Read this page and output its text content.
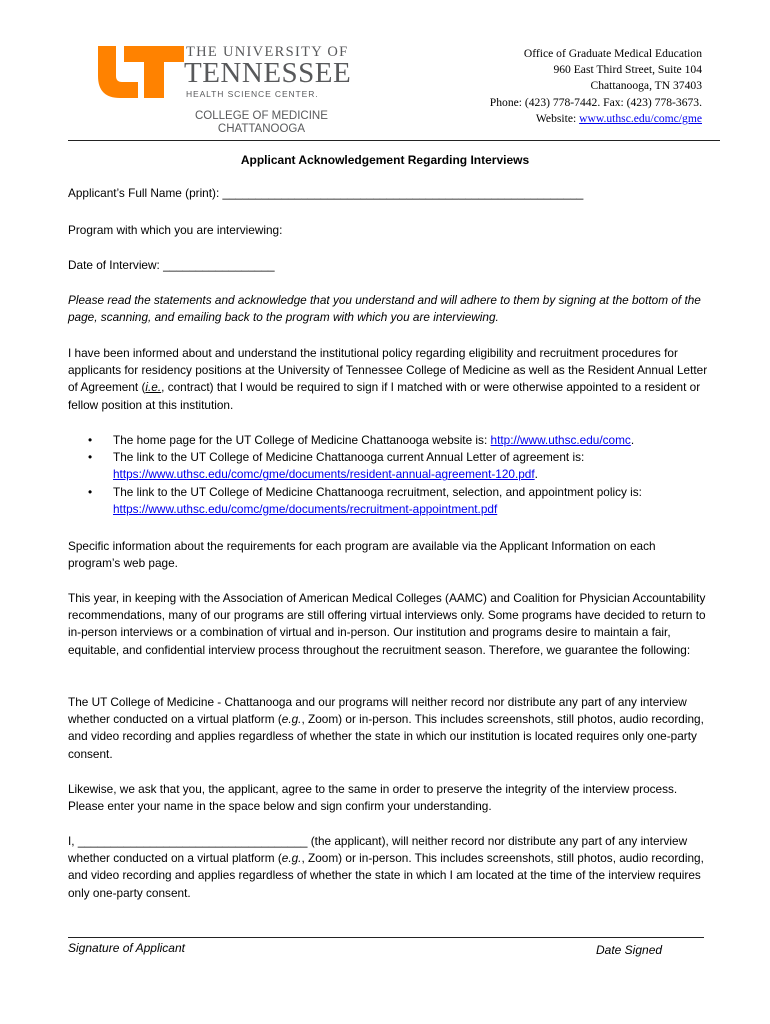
THE UNIVERSITY OF
TENNESSEE
HEALTH SCIENCE CENTER.
COLLEGE OF MEDICINE
CHATTANOOGA
Office of Graduate Medical Education
960 East Third Street, Suite 104
Chattanooga, TN 37403
Phone: (423) 778-7442. Fax: (423) 778-3673.
Website: www.uthsc.edu/comc/gme
Applicant Acknowledgement Regarding Interviews

Applicant’s Full Name (print): _______________________________________________________

Program with which you are interviewing:

Date of Interview: _________________

Please read the statements and acknowledge that you understand and will adhere to them by signing at the bottom of the page, scanning, and emailing back to the program with which you are interviewing.

I have been informed about and understand the institutional policy regarding eligibility and recruitment procedures for applicants for residency positions at the University of Tennessee College of Medicine as well as the Resident Annual Letter of Agreement (i.e., contract) that I would be required to sign if I matched with or were otherwise appointed to a resident or fellow position at this institution.

• The home page for the UT College of Medicine Chattanooga website is: http://www.uthsc.edu/comc.
• The link to the UT College of Medicine Chattanooga current Annual Letter of agreement is: https://www.uthsc.edu/comc/gme/documents/resident-annual-agreement-120.pdf.
• The link to the UT College of Medicine Chattanooga recruitment, selection, and appointment policy is: https://www.uthsc.edu/comc/gme/documents/recruitment-appointment.pdf

Specific information about the requirements for each program are available via the Applicant Information on each program’s web page.

This year, in keeping with the Association of American Medical Colleges (AAMC) and Coalition for Physician Accountability recommendations, many of our programs are still offering virtual interviews only. Some programs have decided to return to in-person interviews or a combination of virtual and in-person. Our institution and programs desire to maintain a fair, equitable, and confidential interview process throughout the recruitment season. Therefore, we guarantee the following:

The UT College of Medicine - Chattanooga and our programs will neither record nor distribute any part of any interview whether conducted on a virtual platform (e.g., Zoom) or in-person. This includes screenshots, still photos, audio recording, and video recording and applies regardless of whether the state in which our institution is located requires only one-party consent.

Likewise, we ask that you, the applicant, agree to the same in order to preserve the integrity of the interview process. Please enter your name in the space below and sign confirm your understanding.

I, ___________________________________ (the applicant), will neither record nor distribute any part of any interview whether conducted on a virtual platform (e.g., Zoom) or in-person. This includes screenshots, still photos, audio recording, and video recording and applies regardless of whether the state in which I am located at the time of the interview requires only one-party consent.

Signature of Applicant	Date Signed
